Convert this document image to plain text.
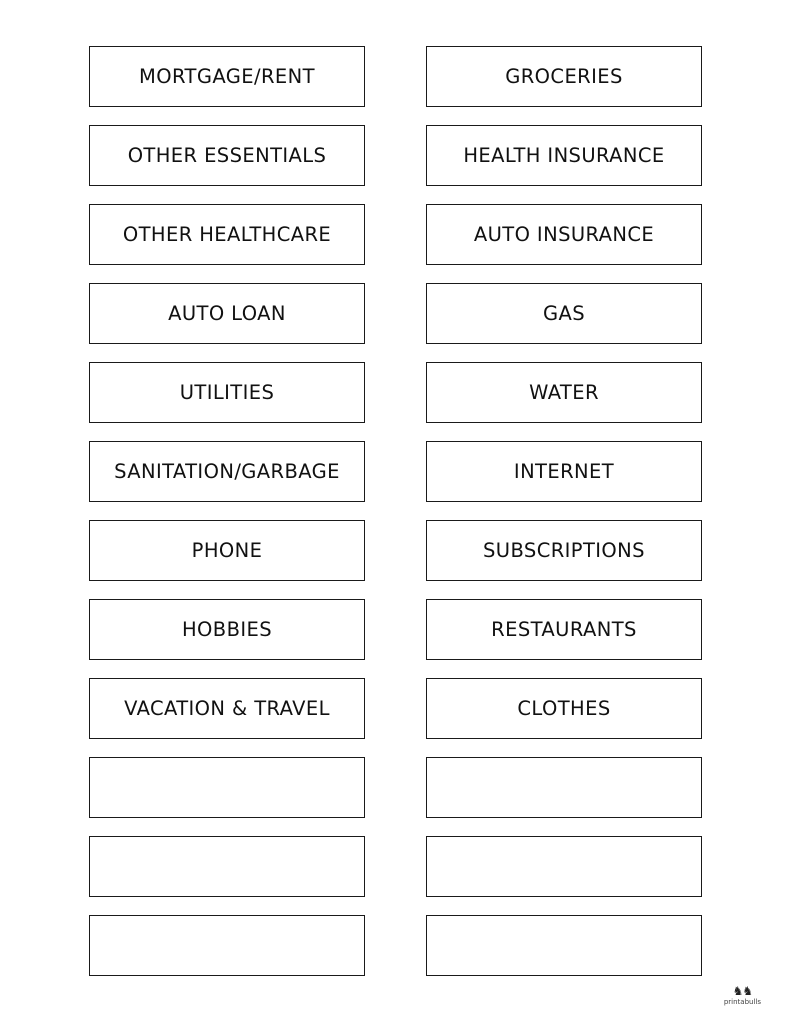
MORTGAGE/RENT	GROCERIES
OTHER ESSENTIALS	HEALTH INSURANCE
OTHER HEALTHCARE	AUTO INSURANCE
AUTO LOAN	GAS
UTILITIES	WATER
SANITATION/GARBAGE	INTERNET
PHONE	SUBSCRIPTIONS
HOBBIES	RESTAURANTS
VACATION & TRAVEL	CLOTHES
♞♞
printabulls
